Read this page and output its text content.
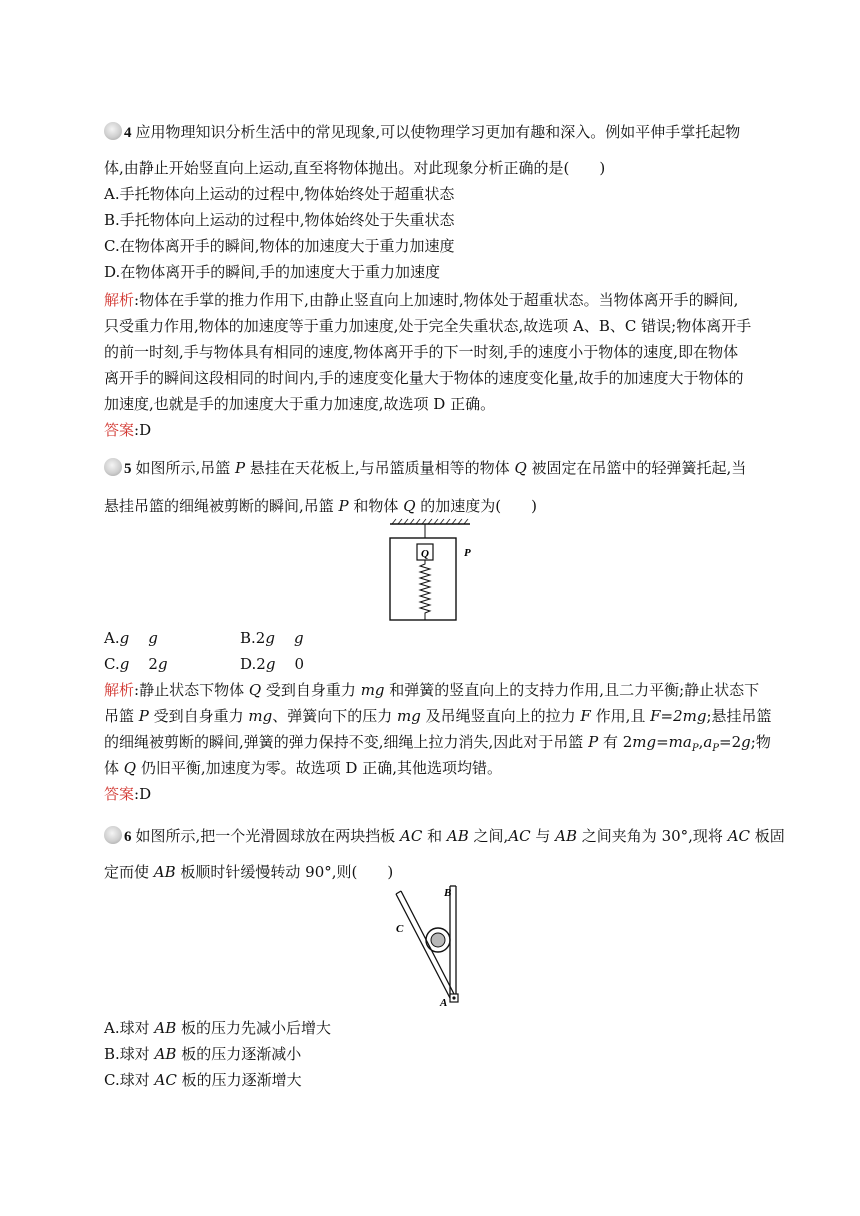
4 应用物理知识分析生活中的常见现象,可以使物理学习更加有趣和深入。例如平伸手掌托起物
体,由静止开始竖直向上运动,直至将物体抛出。对此现象分析正确的是(　　)
A.手托物体向上运动的过程中,物体始终处于超重状态
B.手托物体向上运动的过程中,物体始终处于失重状态
C.在物体离开手的瞬间,物体的加速度大于重力加速度
D.在物体离开手的瞬间,手的加速度大于重力加速度
解析:物体在手掌的推力作用下,由静止竖直向上加速时,物体处于超重状态。当物体离开手的瞬间,
只受重力作用,物体的加速度等于重力加速度,处于完全失重状态,故选项 A、B、C 错误;物体离开手
的前一时刻,手与物体具有相同的速度,物体离开手的下一时刻,手的速度小于物体的速度,即在物体
离开手的瞬间这段相同的时间内,手的速度变化量大于物体的速度变化量,故手的加速度大于物体的
加速度,也就是手的加速度大于重力加速度,故选项 D 正确。
答案:D
5 如图所示,吊篮 P 悬挂在天花板上,与吊篮质量相等的物体 Q 被固定在吊篮中的轻弹簧托起,当
悬挂吊篮的细绳被剪断的瞬间,吊篮 P 和物体 Q 的加速度为(　　)
Q	P
A.g g	B.2g g
C.g 2g	D.2g 0
解析:静止状态下物体 Q 受到自身重力 mg 和弹簧的竖直向上的支持力作用,且二力平衡;静止状态下
吊篮 P 受到自身重力 mg、弹簧向下的压力 mg 及吊绳竖直向上的拉力 F 作用,且 F=2mg;悬挂吊篮
的细绳被剪断的瞬间,弹簧的弹力保持不变,细绳上拉力消失,因此对于吊篮 P 有 $2mg=ma_P,a_P=2g$;物
体 Q 仍旧平衡,加速度为零。故选项 D 正确,其他选项均错。
答案:D
6 如图所示,把一个光滑圆球放在两块挡板 AC 和 AB 之间,AC 与 AB 之间夹角为 30°,现将 AC 板固
定而使 AB 板顺时针缓慢转动 90°,则(　　)
B
C
A
A.球对 AB 板的压力先减小后增大
B.球对 AB 板的压力逐渐减小
C.球对 AC 板的压力逐渐增大
